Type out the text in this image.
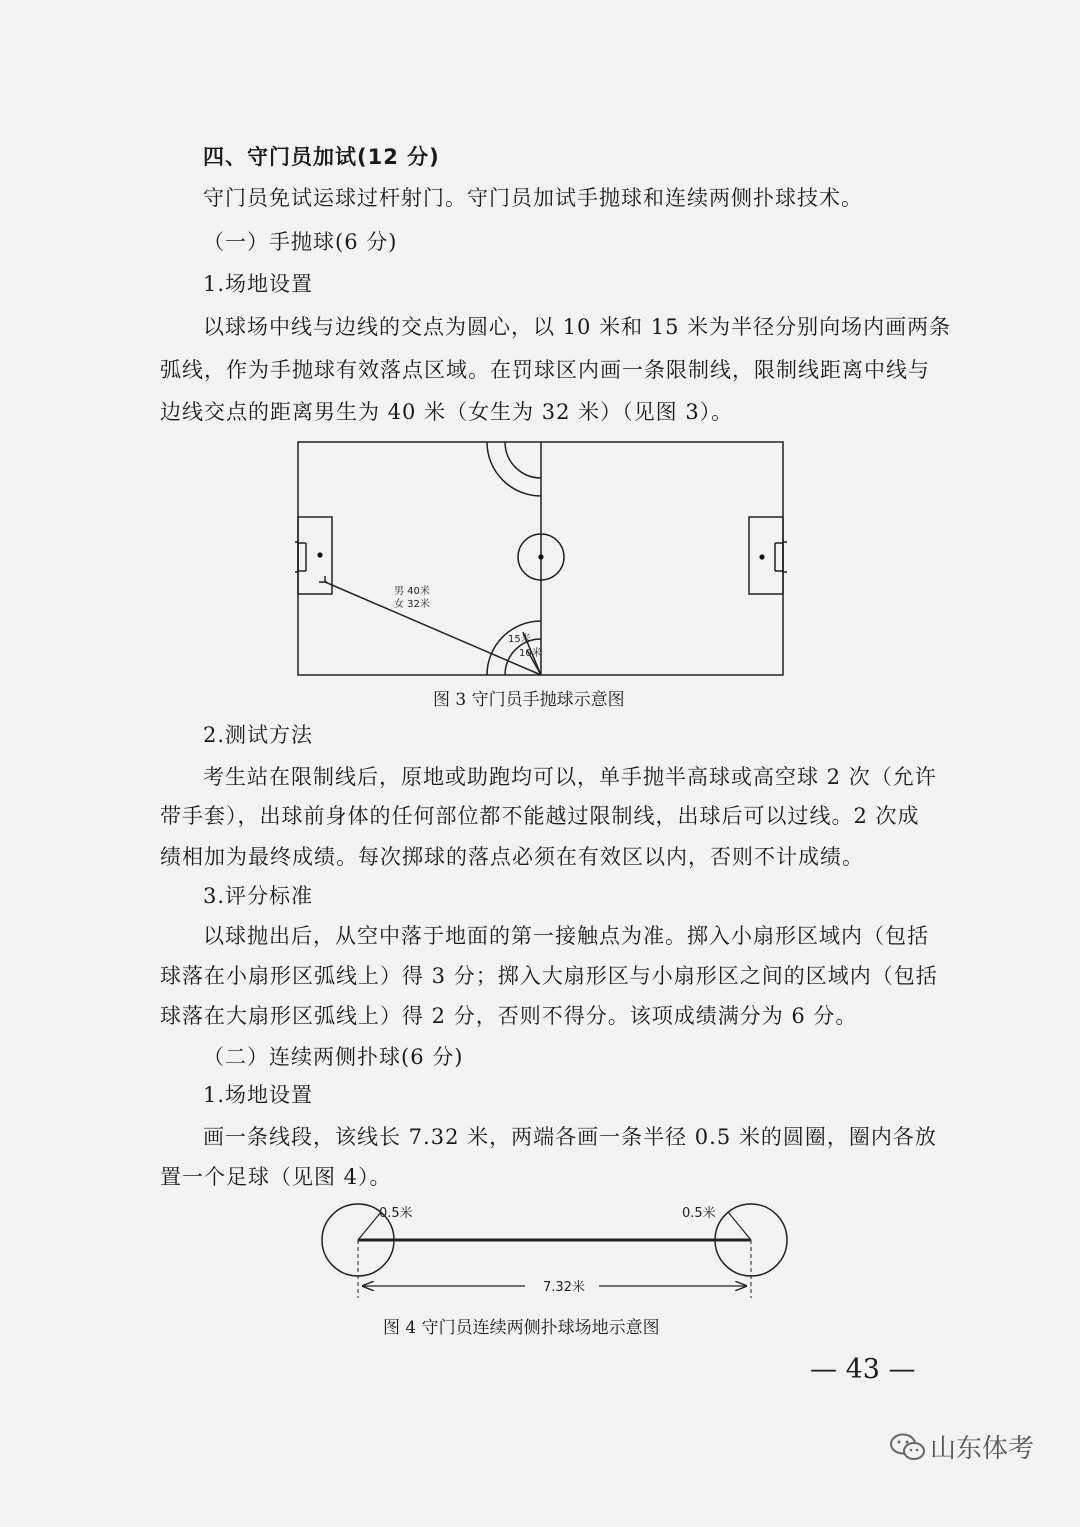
四、守门员加试(12 分)
守门员免试运球过杆射门。守门员加试手抛球和连续两侧扑球技术。
（一）手抛球(6 分)
1.场地设置
以球场中线与边线的交点为圆心，以 10 米和 15 米为半径分别向场内画两条
弧线，作为手抛球有效落点区域。在罚球区内画一条限制线，限制线距离中线与
边线交点的距离男生为 40 米（女生为 32 米）（见图 3）。
男 40米
女 32米
15米
10米
图 3 守门员手抛球示意图
2.测试方法
考生站在限制线后，原地或助跑均可以，单手抛半高球或高空球 2 次（允许
带手套），出球前身体的任何部位都不能越过限制线，出球后可以过线。2 次成
绩相加为最终成绩。每次掷球的落点必须在有效区以内，否则不计成绩。
3.评分标准
以球抛出后，从空中落于地面的第一接触点为准。掷入小扇形区域内（包括
球落在小扇形区弧线上）得 3 分；掷入大扇形区与小扇形区之间的区域内（包括
球落在大扇形区弧线上）得 2 分，否则不得分。该项成绩满分为 6 分。
（二）连续两侧扑球(6 分)
1.场地设置
画一条线段，该线长 7.32 米，两端各画一条半径 0.5 米的圆圈，圈内各放
置一个足球（见图 4）。
0.5米	0.5米
7.32米
图 4 守门员连续两侧扑球场地示意图
— 43 —
山东体考
